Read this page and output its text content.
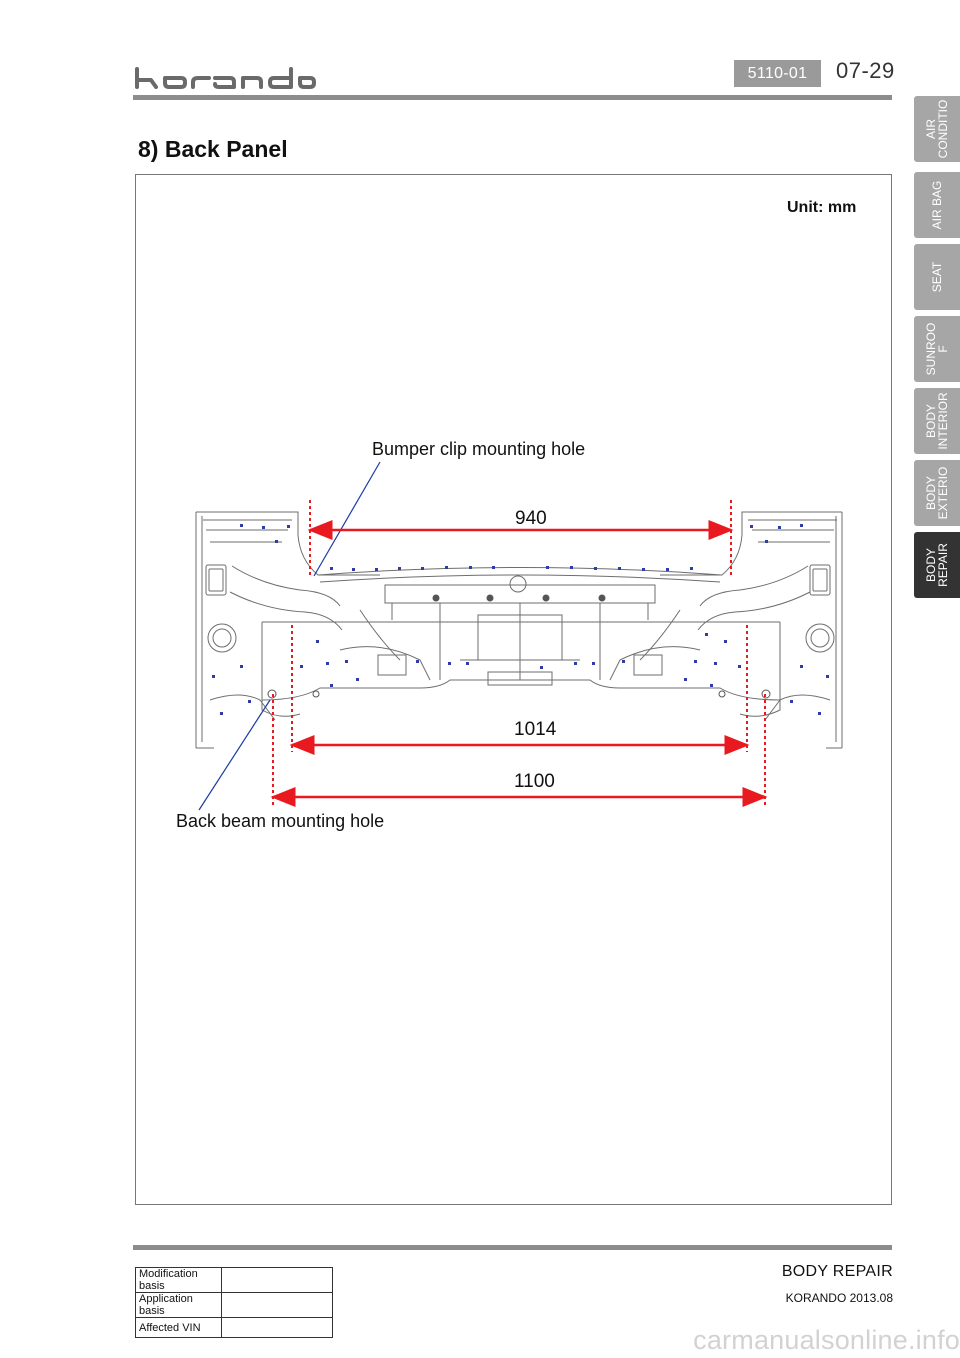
5110-01	07-29
8) Back Panel
Unit: mm
Bumper clip mounting hole
Back beam mounting hole
940
1014
1100
AIR
CONDITIO
AIR BAG
SEAT
SUNROO
F
BODY
INTERIOR
BODY
EXTERIO
BODY
REPAIR
BODY REPAIR
KORANDO 2013.08
Modification basis	
Application basis	
Affected VIN		carmanualsonline.info
